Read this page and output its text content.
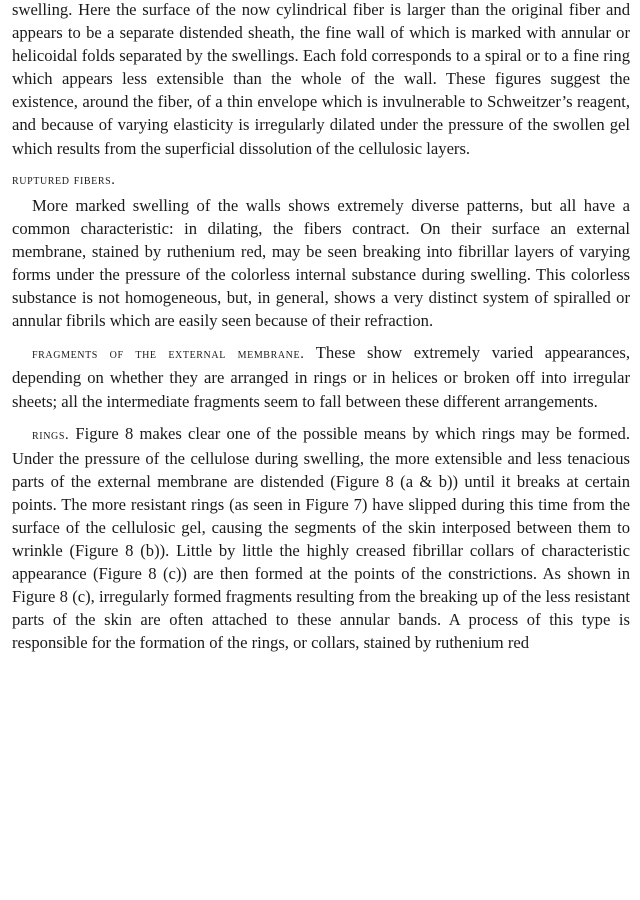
swelling. Here the surface of the now cylindrical fiber is larger than the original fiber and appears to be a separate distended sheath, the fine wall of which is marked with annular or helicoidal folds separated by the swellings. Each fold corresponds to a spiral or to a fine ring which appears less extensible than the whole of the wall. These figures suggest the existence, around the fiber, of a thin envelope which is invulnerable to Schweitzer’s reagent, and because of varying elasticity is irregularly dilated under the pressure of the swollen gel which results from the superficial dissolution of the cellulosic layers.

ruptured fibers.

More marked swelling of the walls shows extremely diverse patterns, but all have a common characteristic: in dilating, the fibers contract. On their surface an external membrane, stained by ruthenium red, may be seen breaking into fibrillar layers of varying forms under the pressure of the colorless internal substance during swelling. This colorless substance is not homogeneous, but, in general, shows a very distinct system of spiralled or annular fibrils which are easily seen because of their refraction.

fragments of the external membrane. These show extremely varied appearances, depending on whether they are arranged in rings or in helices or broken off into irregular sheets; all the intermediate fragments seem to fall between these different arrangements.

rings. Figure 8 makes clear one of the possible means by which rings may be formed. Under the pressure of the cellulose during swelling, the more extensible and less tenacious parts of the external membrane are distended (Figure 8 (a & b)) until it breaks at certain points. The more resistant rings (as seen in Figure 7) have slipped during this time from the surface of the cellulosic gel, causing the segments of the skin interposed between them to wrinkle (Figure 8 (b)). Little by little the highly creased fibrillar collars of characteristic appearance (Figure 8 (c)) are then formed at the points of the constrictions. As shown in Figure 8 (c), irregularly formed fragments resulting from the breaking up of the less resistant parts of the skin are often attached to these annular bands. A process of this type is responsible for the formation of the rings, or collars, stained by ruthenium red
